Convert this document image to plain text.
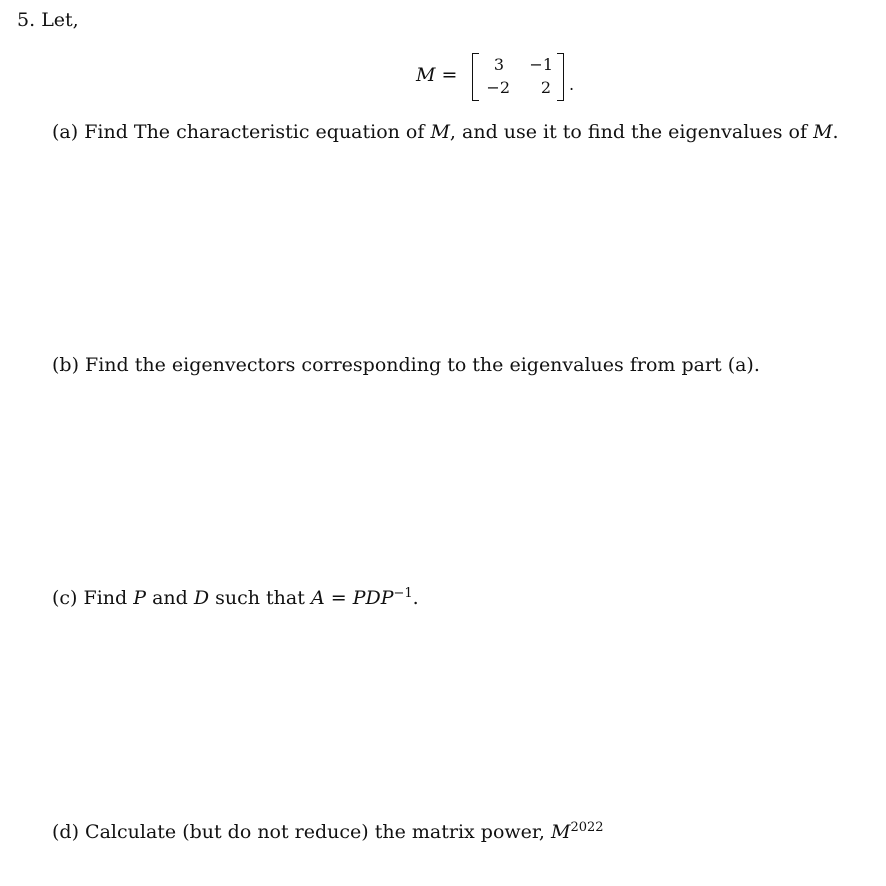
5. Let,
M =	3 −1
−2	2 .
(a) Find The characteristic equation of M, and use it to find the eigenvalues of M.
(b) Find the eigenvectors corresponding to the eigenvalues from part (a).
(c) Find P and D such that $A = PDP^{-1}$.
(d) Calculate (but do not reduce) the matrix power, $M^{2022}$
